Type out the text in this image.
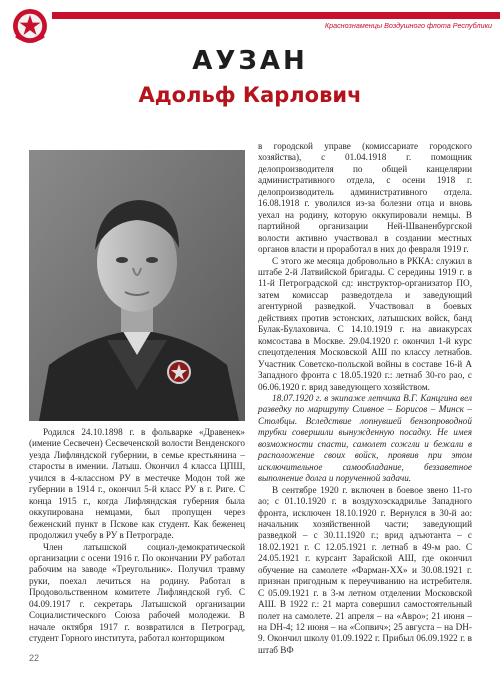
Краснознаменцы Воздушного флота Республики
АУЗАН
Адольф Карлович

Родился 24.10.1898 г. в фольварке «Дравенек» (имение Сесвечен) Сесвеченской волости Венденского уезда Лифляндской губернии, в семье крестьянина – старосты в имении. Латыш. Окончил 4 класса ЦПШ, учился в 4-классном РУ в местечке Модон той же губернии в 1914 г., окончил 5-й класс РУ в г. Риге. С конца 1915 г., когда Лифляндская губерния была оккупирована немцами, был пропущен через беженский пункт в Пскове как студент. Как беженец продолжил учебу в РУ в Петрограде.

Член латышской социал-демократической организации с осени 1916 г. По окончании РУ работал рабочим на заводе «Треугольник». Получил травму руки, поехал лечиться на родину. Работал в Продовольственном комитете Лифляндской губ. С 04.09.1917 г. секретарь Латышской организации Социалистического Союза рабочей молодежи. В начале октября 1917 г. возвратился в Петроград, студент Горного института, работал конторщиком

в городской управе (комиссариате городского хозяйства), с 01.04.1918 г. помощник делопроизводителя по общей канцелярии административного отдела, с осени 1918 г. делопроизводитель административного отдела. 16.08.1918 г. уволился из-за болезни отца и вновь уехал на родину, которую оккупировали немцы. В партийной организации Ней-Шваненбургской волости активно участвовал в создании местных органов власти и проработал в них до февраля 1919 г.

С этого же месяца добровольно в РККА: служил в штабе 2-й Латвийской бригады. С середины 1919 г. в 11-й Петроградской сд: инструктор-организатор ПО, затем комиссар разведотдела и заведующий агентурной разведкой. Участвовал в боевых действиях против эстонских, латышских войск, банд Булак-Булаховича. С 14.10.1919 г. на авиакурсах комсостава в Москве. 29.04.1920 г. окончил 1-й курс спецотделения Московской АШ по классу летнабов. Участник Советско-польской войны в составе 16-й А Западного фронта с 18.05.1920 г.: летнаб 30-го рао, с 06.06.1920 г. врид заведующего хозяйством.

18.07.1920 г. в экипаже летчика В.Г. Канцгина вел разведку по маршруту Сливное – Борисов – Минск – Столбцы. Вследствие лопнувшей бензопроводной трубки совершили вынужденную посадку. Не имея возможности спасти, самолет сожгли и бежали в расположение своих войск, проявив при этом исключительное самообладание, беззаветное выполнение долга и порученной задачи.

В сентябре 1920 г. включен в боевое звено 11-го ао; с 01.10.1920 г. в воздухоэскадрилье Западного фронта, исключен 18.10.1920 г. Вернулся в 30-й ао: начальник хозяйственной части; заведующий разведкой – с 30.11.1920 г.; врид адъютанта – с 18.02.1921 г. С 12.05.1921 г. летнаб в 49-м рао. С 24.05.1921 г. курсант Зарайской АШ, где окончил обучение на самолете «Фарман-ХХ» и 30.08.1921 г. признан пригодным к переучиванию на истребителя. С 05.09.1921 г. в 3-м летном отделении Московской АШ. В 1922 г.: 21 марта совершил самостоятельный полет на самолете. 21 апреля – на «Авро»; 21 июня – на DH-4; 12 июня – на «Сопвич»; 25 августа – на DH-9. Окончил школу 01.09.1922 г. Прибыл 06.09.1922 г. в штаб ВФ

22
